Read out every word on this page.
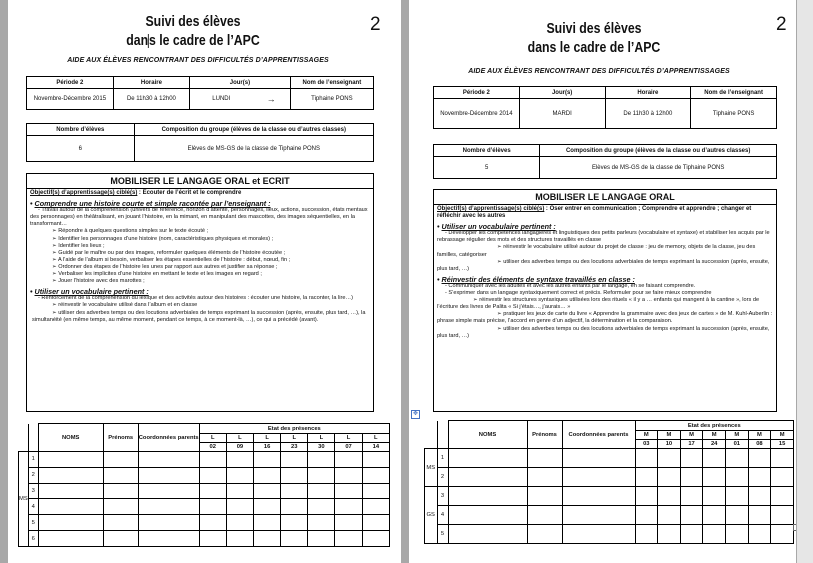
2
Suivi des élèves
dans le cadre de l’APC
AIDE AUX ÉLÈVES RENCONTRANT DES DIFFICULTÉS D’APPRENTISSAGES
Période 2	Horaire	Jour(s)		Nom de l’enseignant
Novembre-Décembre 2015	De 11h30 à 12h00	LUNDI	→	Tiphaine PONS
Nombre d’élèves	Composition du groupe (élèves de la classe ou d’autres classes)
6	Elèves de MS-GS de la classe de Tiphaine PONS
MOBILISER LE LANGAGE ORAL et ECRIT
Objectif(s) d’apprentissage(s) ciblé(s) : Ecouter de l’écrit et le comprendre
• Comprendre une histoire courte et simple racontée par l’enseignant :
- Travail autour de la compréhension (univers de référence, horizon d’attente, personnages, lieux, actions, succession, états mentaux des personnages) en théâtralisant, en jouant l’histoire, en la mimant, en manipulant des mascottes, des images séquentielles, en la transformant…
➢ Répondre à quelques questions simples sur le texte écouté ;
➢ Identifier les personnages d’une histoire (nom, caractéristiques physiques et morales) ;
➢ Identifier les lieux ;
➢ Guidé par le maître ou par des images, reformuler quelques éléments de l’histoire écoutée ;
➢ A l’aide de l’album si besoin, verbaliser les étapes essentielles de l’histoire : début, nœud, fin ;
➢ Ordonner des étapes de l’histoire les unes par rapport aux autres et justifier sa réponse ;
➢ Verbaliser les implicites d’une histoire en mettant le texte et les images en regard ;
➢ Jouer l’histoire avec des marottes ;
• Utiliser un vocabulaire pertinent :
- Renforcement de la compréhension du lexique et des activités autour des histoires : écouter une histoire, la raconter, la lire…)
➢ réinvestir le vocabulaire utilisé dans l’album et en classe
➢ utiliser des adverbes temps ou des locutions adverbiales de temps exprimant la succession (après, ensuite, plus tard, …), la simultanéité (en même temps, au même moment, pendant ce temps, à ce moment-là, …), ce qui a précédé (avant).
		NOMS	Prénoms	Coordonnées parents	Etat des présences						
					L	L	L	L	L	L	L
					02	09	16	23	30	07	14
MS	1										
	2										
	3										
	4										
	5										
	6										
2
Suivi des élèves
dans le cadre de l’APC
AIDE AUX ÉLÈVES RENCONTRANT DES DIFFICULTÉS D’APPRENTISSAGES
Période 2	Jour(s)	Horaire	Nom de l’enseignant
Novembre-Décembre 2014	MARDI	De 11h30 à 12h00	Tiphaine PONS
Nombre d’élèves	Composition du groupe (élèves de la classe ou d’autres classes)
5	Elèves de MS-GS de la classe de Tiphaine PONS
MOBILISER LE LANGAGE ORAL
Objectif(s) d’apprentissage(s) ciblé(s) : Oser entrer en communication ; Comprendre et apprendre ; changer et réfléchir avec les autres
• Utiliser un vocabulaire pertinent :
- Développer les compétences langagières et linguistiques des petits parleurs (vocabulaire et syntaxe) et stabiliser les acquis par le rebrassage régulier des mots et des structures travaillés en classe
➢ réinvestir le vocabulaire utilisé autour du projet de classe : jeu de memory, objets de la classe, jeu des familles, catégoriser
➢ utiliser des adverbes temps ou des locutions adverbiales de temps exprimant la succession (après, ensuite, plus tard, …)
• Réinvestir des éléments de syntaxe travaillés en classe :
- Communiquer avec les adultes et avec les autres enfants par le langage, en se faisant comprendre.
- S’exprimer dans un langage syntaxiquement correct et précis. Reformuler pour se faire mieux comprendre
➢ réinvestir les structures syntaxiques utilisées lors des rituels « il y a … enfants qui mangent à la cantine », lors de l’écriture des livres de Palita « Si j’étais…, j’aurais… »
➢ pratiquer les jeux de carte du livre « Apprendre la grammaire avec des jeux de cartes » de M. Kuhl-Auberlin : phrase simple mais précise, l’accord en genre d’un adjectif, la détermination et la comparaison.
➢ utiliser des adverbes temps ou des locutions adverbiales de temps exprimant la succession (après, ensuite, plus tard, …)
		NOMS	Prénoms	Coordonnées parents	Etat des présences						
					M	M	M	M	M	M	M
					03	10	17	24	01	08	15
MS	1										
	2										
GS	3										
	4										
	5										
✥
